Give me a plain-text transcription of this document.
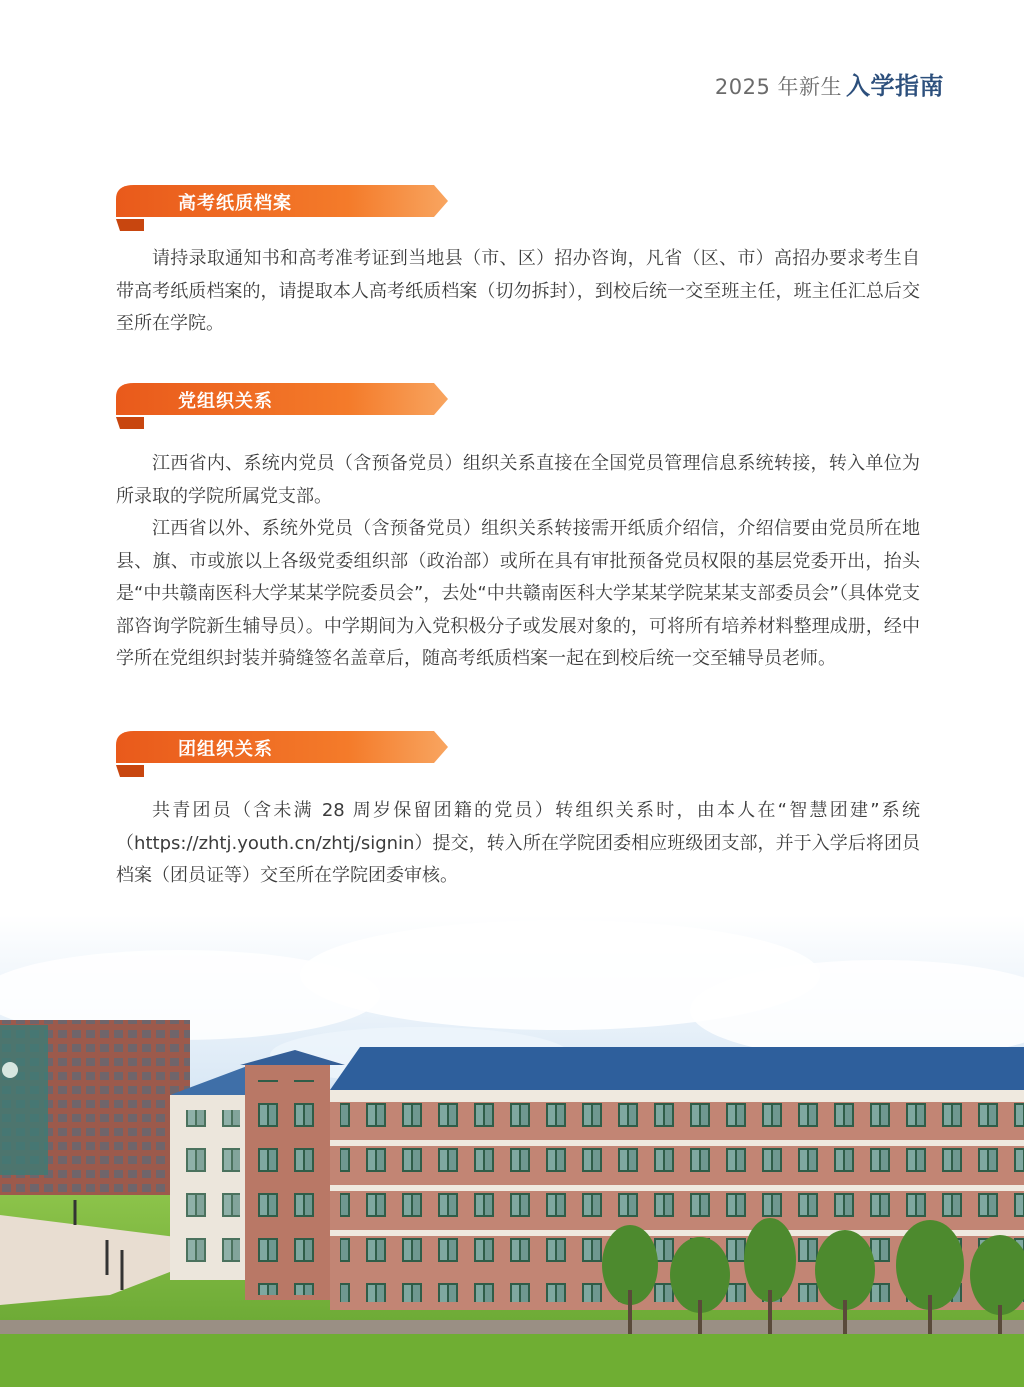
2025 年新生 入学指南
高考纸质档案

请持录取通知书和高考准考证到当地县（市、区）招办咨询，凡省（区、市）高招办要求考生自带高考纸质档案的，请提取本人高考纸质档案（切勿拆封），到校后统一交至班主任，班主任汇总后交至所在学院。

党组织关系

江西省内、系统内党员（含预备党员）组织关系直接在全国党员管理信息系统转接，转入单位为所录取的学院所属党支部。

江西省以外、系统外党员（含预备党员）组织关系转接需开纸质介绍信，介绍信要由党员所在地县、旗、市或旅以上各级党委组织部（政治部）或所在具有审批预备党员权限的基层党委开出，抬头是“中共赣南医科大学某某学院委员会”，去处“中共赣南医科大学某某学院某某支部委员会”（具体党支部咨询学院新生辅导员）。中学期间为入党积极分子或发展对象的，可将所有培养材料整理成册，经中学所在党组织封装并骑缝签名盖章后，随高考纸质档案一起在到校后统一交至辅导员老师。

团组织关系

共青团员（含未满 28 周岁保留团籍的党员）转组织关系时，由本人在“智慧团建”系统（https://zhtj.youth.cn/zhtj/signin）提交，转入所在学院团委相应班级团支部，并于入学后将团员档案（团员证等）交至所在学院团委审核。
